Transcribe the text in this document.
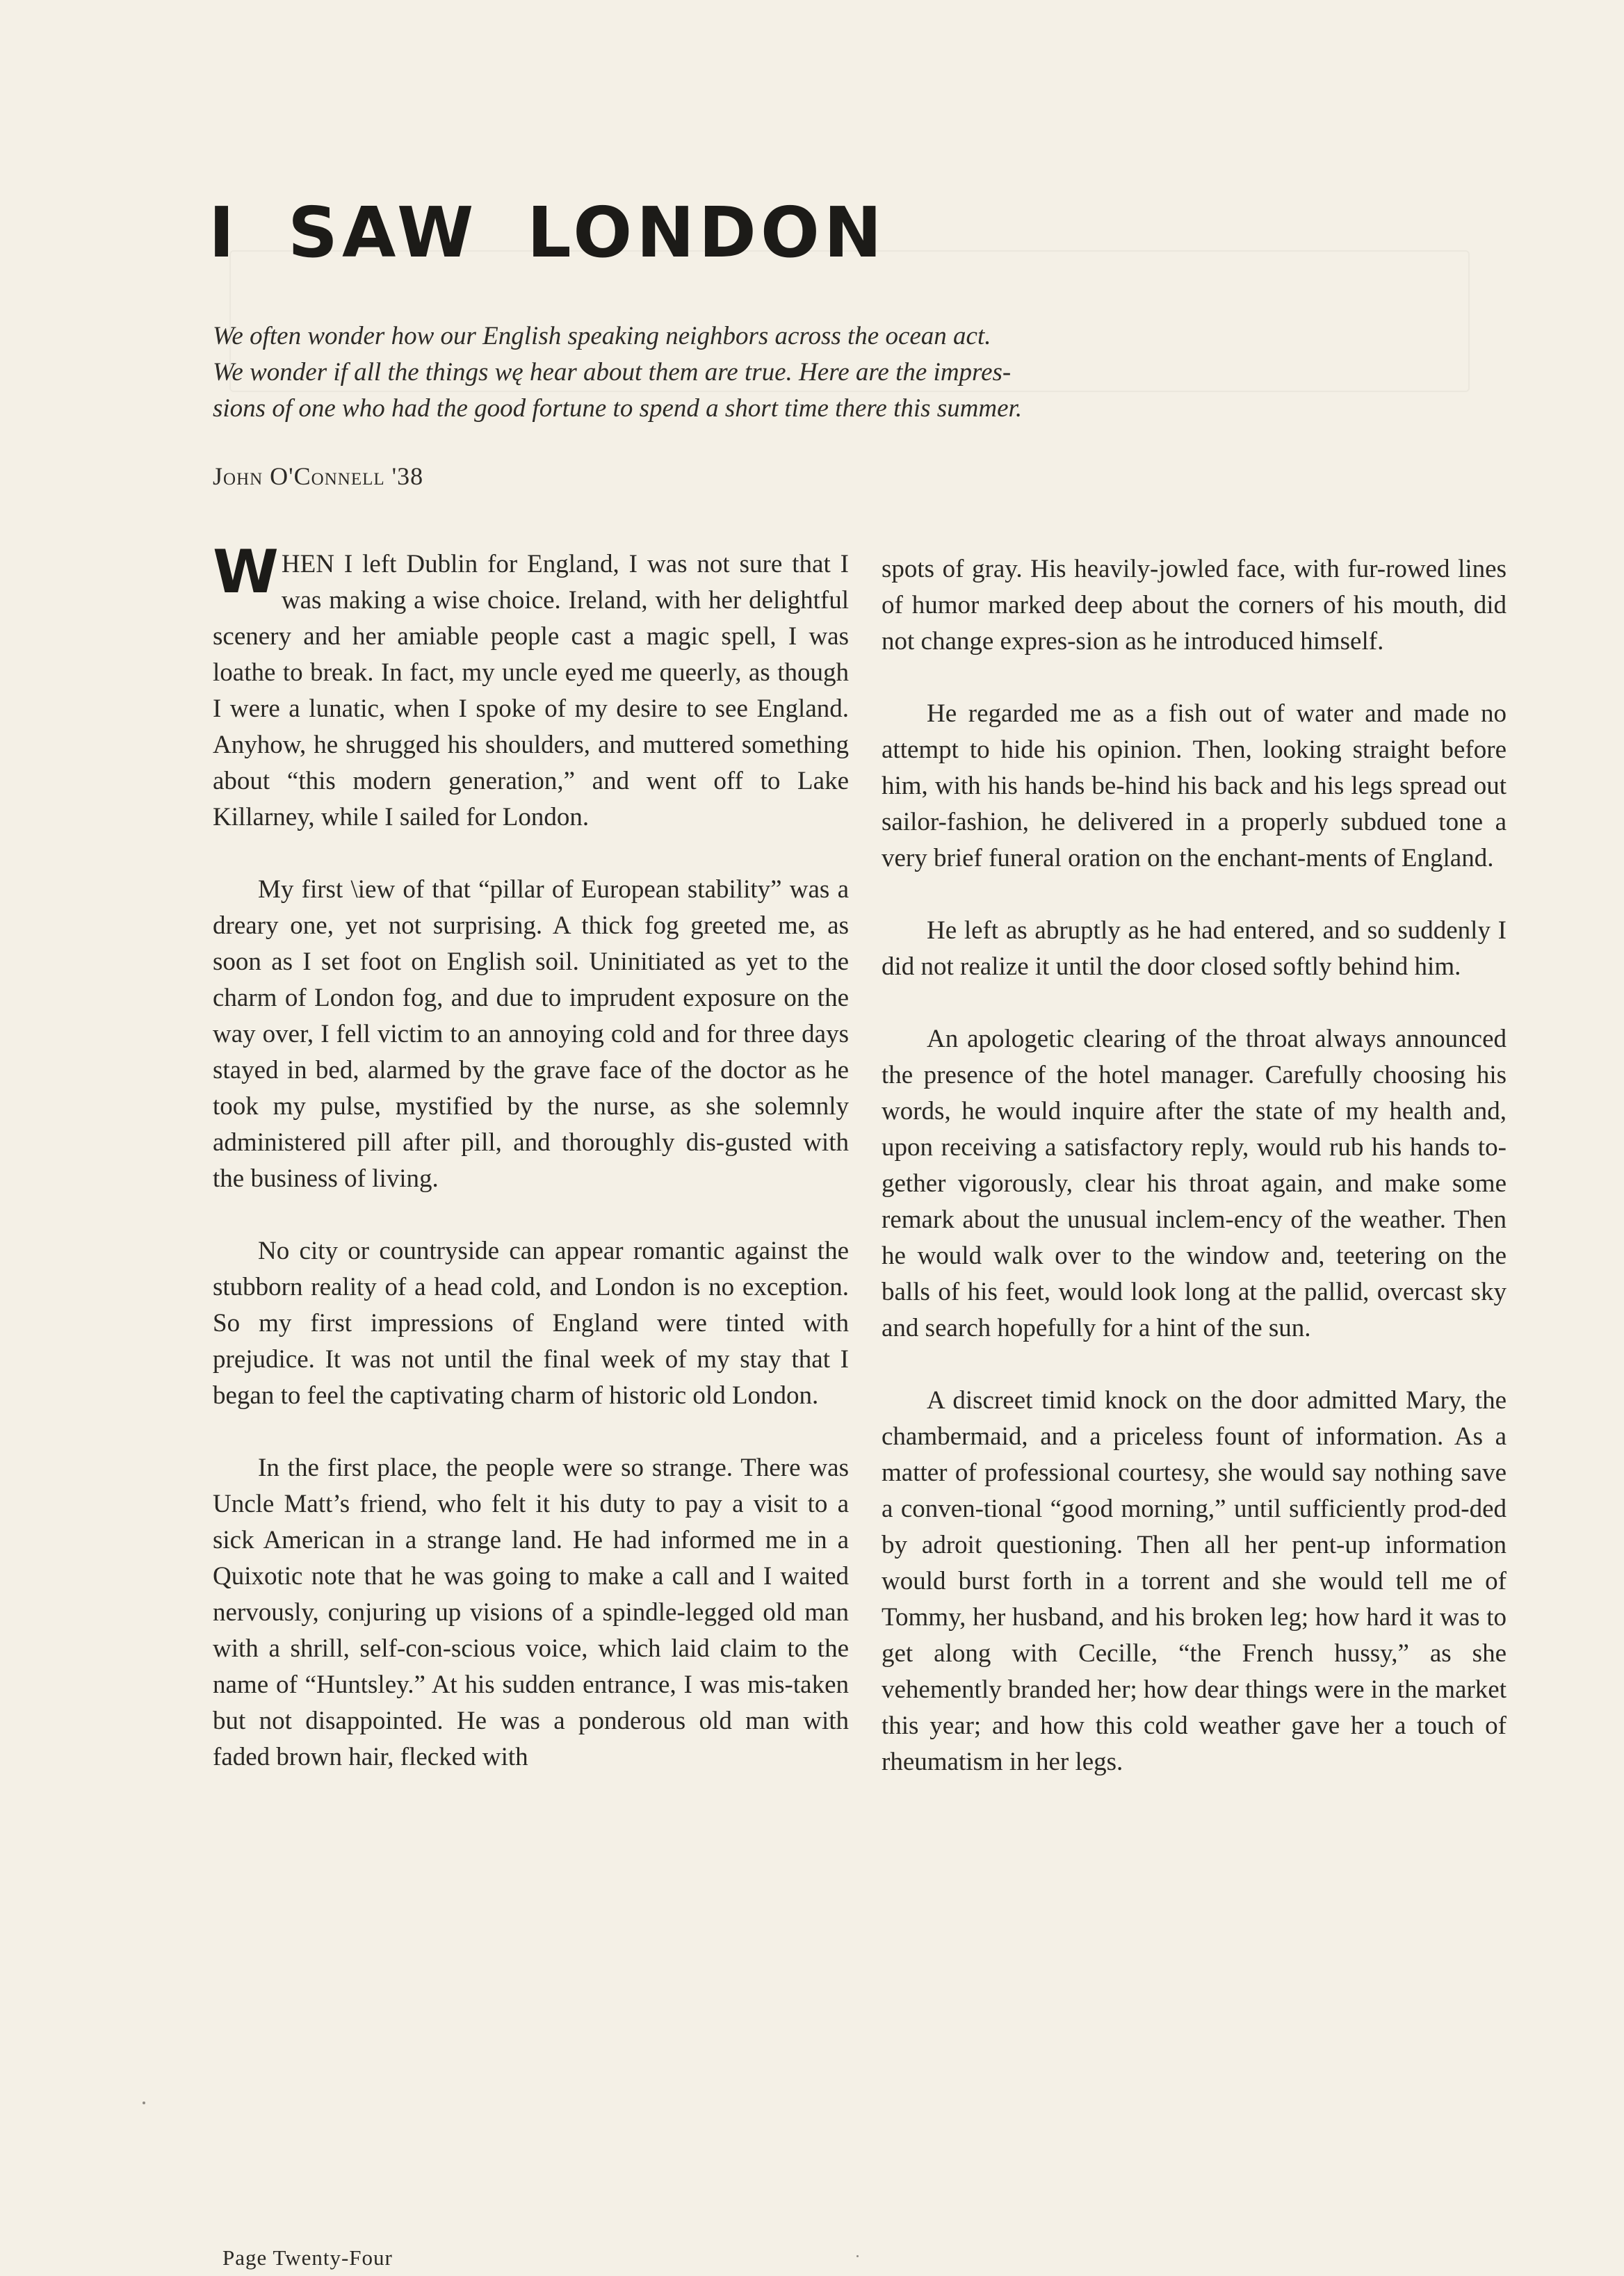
I SAW LONDON

We often wonder how our English speaking neighbors across the ocean act.

We wonder if all the things wę hear about them are true. Here are the impres-

sions of one who had the good fortune to spend a short time there this summer.

John O'Connell '38

WHEN I left Dublin for England, I was not sure that I was making a wise choice. Ireland, with her delightful scenery and her amiable people cast a magic spell, I was loathe to break. In fact, my uncle eyed me queerly, as though I were a lunatic, when I spoke of my desire to see England. Anyhow, he shrugged his shoulders, and muttered something about “this modern generation,” and went off to Lake Killarney, while I sailed for London.

My first \iew of that “pillar of European stability” was a dreary one, yet not surprising. A thick fog greeted me, as soon as I set foot on English soil. Uninitiated as yet to the charm of London fog, and due to imprudent exposure on the way over, I fell victim to an annoying cold and for three days stayed in bed, alarmed by the grave face of the doctor as he took my pulse, mystified by the nurse, as she solemnly administered pill after pill, and thoroughly dis-gusted with the business of living.

No city or countryside can appear romantic against the stubborn reality of a head cold, and London is no exception. So my first impressions of England were tinted with prejudice. It was not until the final week of my stay that I began to feel the captivating charm of historic old London.

In the first place, the people were so strange. There was Uncle Matt’s friend, who felt it his duty to pay a visit to a sick American in a strange land. He had informed me in a Quixotic note that he was going to make a call and I waited nervously, conjuring up visions of a spindle-legged old man with a shrill, self-con-scious voice, which laid claim to the name of “Huntsley.” At his sudden entrance, I was mis-taken but not disappointed. He was a ponderous old man with faded brown hair, flecked with

spots of gray. His heavily-jowled face, with fur-rowed lines of humor marked deep about the corners of his mouth, did not change expres-sion as he introduced himself.

He regarded me as a fish out of water and made no attempt to hide his opinion. Then, looking straight before him, with his hands be-hind his back and his legs spread out sailor-fashion, he delivered in a properly subdued tone a very brief funeral oration on the enchant-ments of England.

He left as abruptly as he had entered, and so suddenly I did not realize it until the door closed softly behind him.

An apologetic clearing of the throat always announced the presence of the hotel manager. Carefully choosing his words, he would inquire after the state of my health and, upon receiving a satisfactory reply, would rub his hands to-gether vigorously, clear his throat again, and make some remark about the unusual inclem-ency of the weather. Then he would walk over to the window and, teetering on the balls of his feet, would look long at the pallid, overcast sky and search hopefully for a hint of the sun.

A discreet timid knock on the door admitted Mary, the chambermaid, and a priceless fount of information. As a matter of professional courtesy, she would say nothing save a conven-tional “good morning,” until sufficiently prod-ded by adroit questioning. Then all her pent-up information would burst forth in a torrent and she would tell me of Tommy, her husband, and his broken leg; how hard it was to get along with Cecille, “the French hussy,” as she vehemently branded her; how dear things were in the market this year; and how this cold weather gave her a touch of rheumatism in her legs.

Page Twenty-Four
